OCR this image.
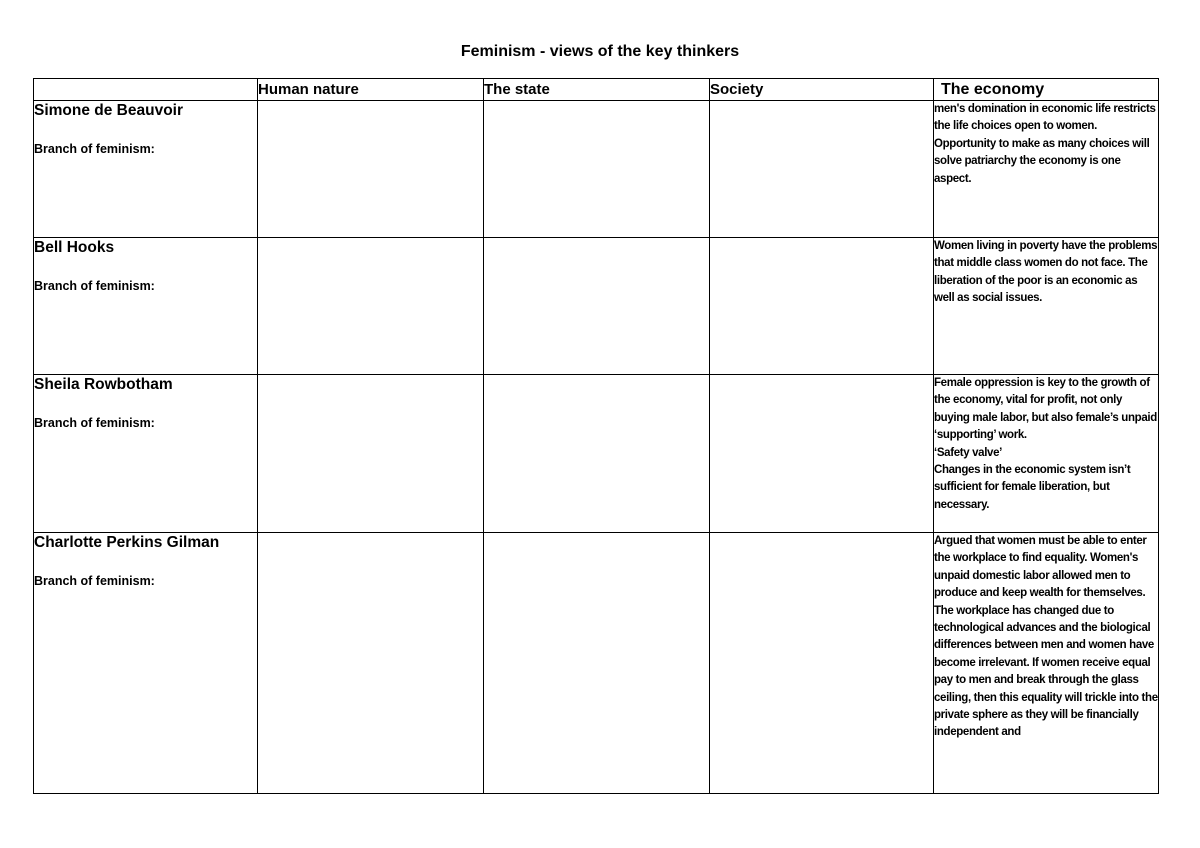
Feminism - views of the key thinkers
	Human nature	The state	Society	The economy

Simone de Beauvoir
Branch of feminism:				men's domination in economic life restricts the life choices open to women. Opportunity to make as many choices will solve patriarchy the economy is one aspect.

Bell Hooks
Branch of feminism:				Women living in poverty have the problems that middle class women do not face. The liberation of the poor is an economic as well as social issues.

Sheila Rowbotham
Branch of feminism:				Female oppression is key to the growth of the economy, vital for profit, not only buying male labor, but also female’s unpaid ‘supporting’ work.
‘Safety valve’
Changes in the economic system isn’t sufficient for female liberation, but necessary.

Charlotte Perkins Gilman
Branch of feminism:				Argued that women must be able to enter the workplace to find equality. Women's unpaid domestic labor allowed men to produce and keep wealth for themselves. The workplace has changed due to technological advances and the biological differences between men and women have become irrelevant. If women receive equal pay to men and break through the glass ceiling, then this equality will trickle into the private sphere as they will be financially independent and
